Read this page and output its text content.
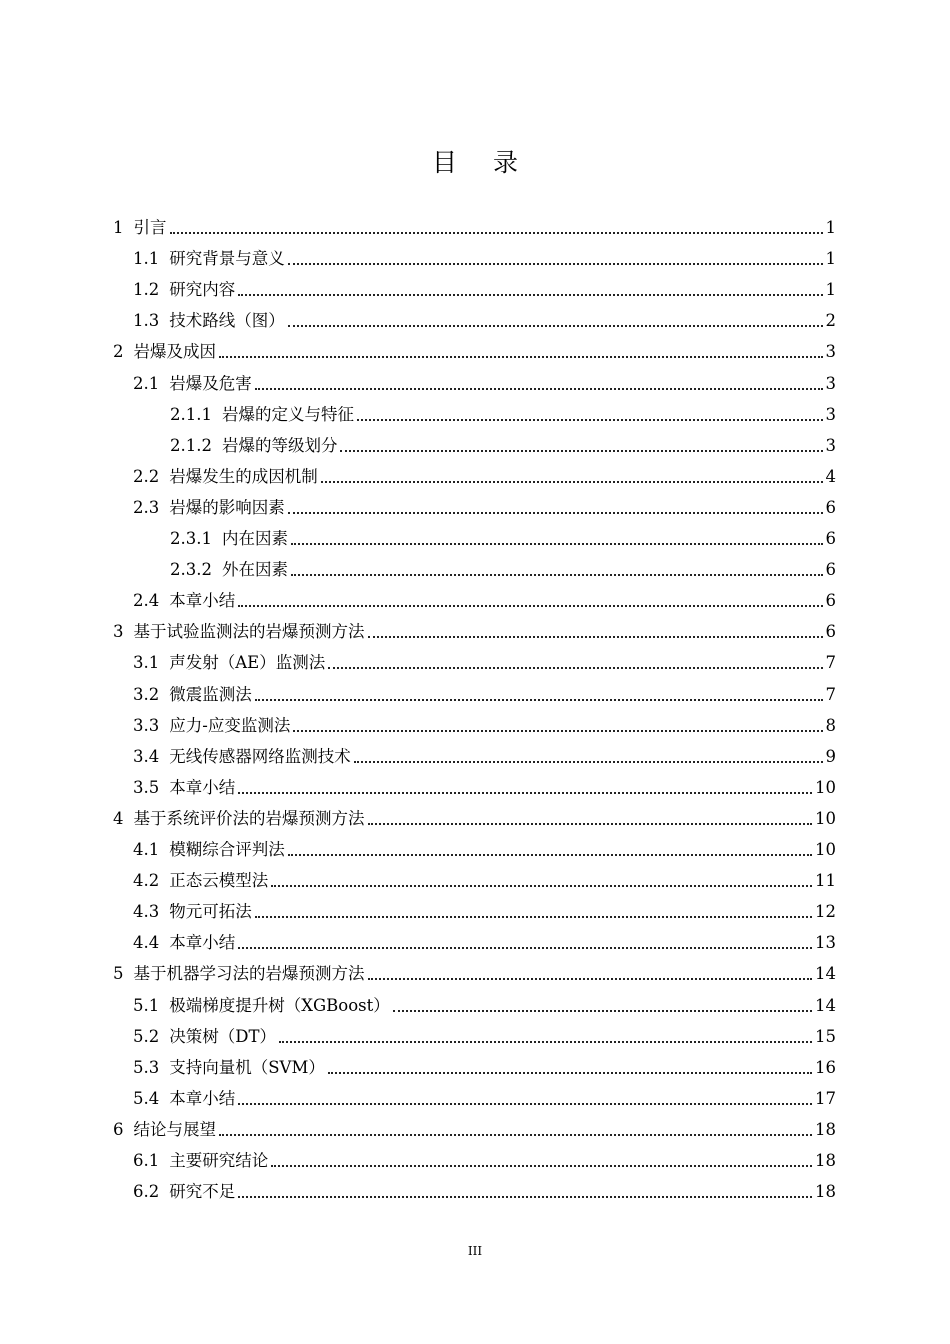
目 录
1 引言	1
1.1 研究背景与意义	1
1.2 研究内容	1
1.3 技术路线（图）	2
2 岩爆及成因	3
2.1 岩爆及危害	3
2.1.1 岩爆的定义与特征	3
2.1.2 岩爆的等级划分	3
2.2 岩爆发生的成因机制	4
2.3 岩爆的影响因素	6
2.3.1 内在因素	6
2.3.2 外在因素	6
2.4 本章小结	6
3 基于试验监测法的岩爆预测方法	6
3.1 声发射（AE）监测法	7
3.2 微震监测法	7
3.3 应力-应变监测法	8
3.4 无线传感器网络监测技术	9
3.5 本章小结	10
4 基于系统评价法的岩爆预测方法	10
4.1 模糊综合评判法	10
4.2 正态云模型法	11
4.3 物元可拓法	12
4.4 本章小结	13
5 基于机器学习法的岩爆预测方法	14
5.1 极端梯度提升树（XGBoost）	14
5.2 决策树（DT）	15
5.3 支持向量机（SVM）	16
5.4 本章小结	17
6 结论与展望	18
6.1 主要研究结论	18
6.2 研究不足	18
III
